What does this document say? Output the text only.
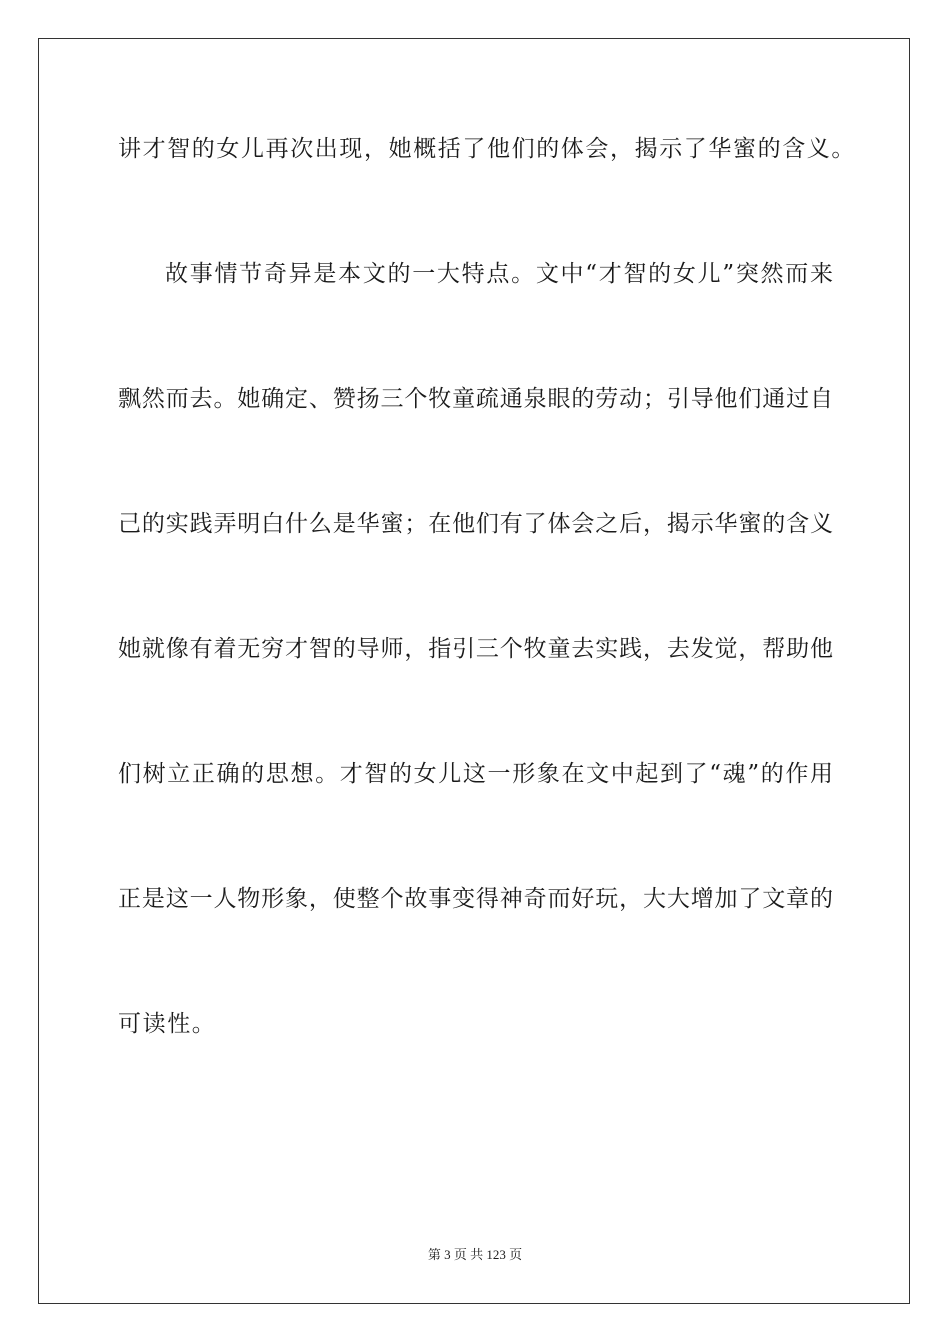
讲才智的女儿再次出现，她概括了他们的体会，揭示了华蜜的含义。
故事情节奇异是本文的一大特点。文中“才智的女儿”突然而来
飘然而去。她确定、赞扬三个牧童疏通泉眼的劳动；引导他们通过自
己的实践弄明白什么是华蜜；在他们有了体会之后，揭示华蜜的含义
她就像有着无穷才智的导师，指引三个牧童去实践，去发觉，帮助他
们树立正确的思想。才智的女儿这一形象在文中起到了“魂”的作用
正是这一人物形象，使整个故事变得神奇而好玩，大大增加了文章的
可读性。
第 3 页 共 123 页
